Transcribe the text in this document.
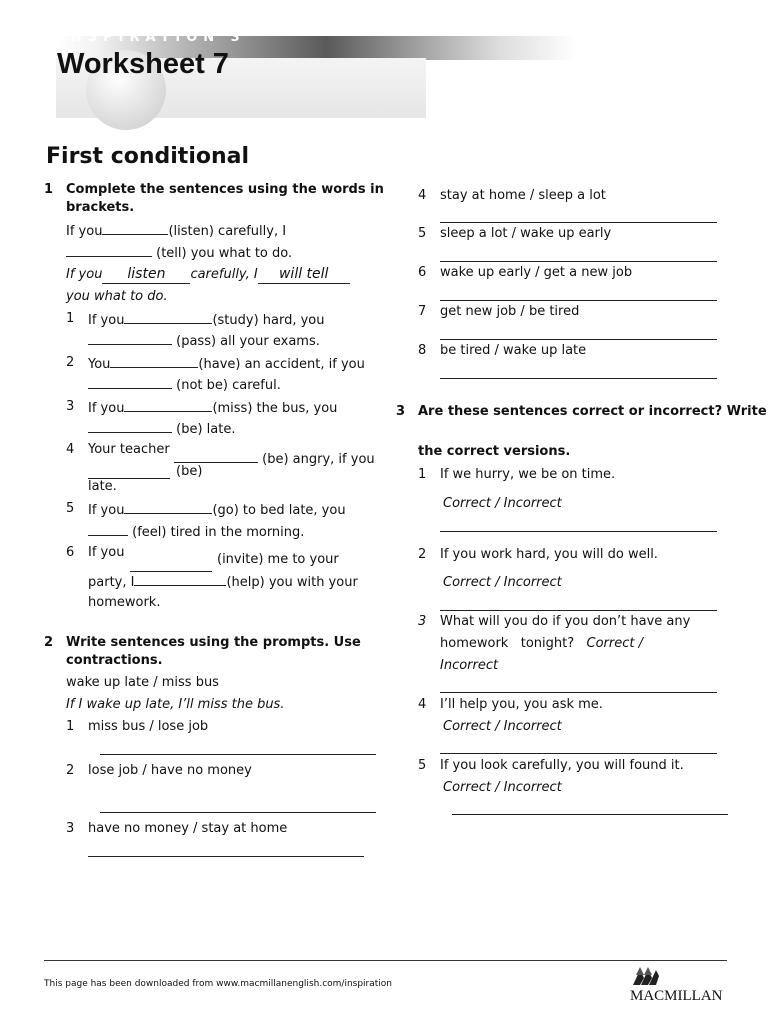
INSPIRATION 3
Worksheet 7
First conditional
1 Complete the sentences using the words in
brackets.
If you	(listen) carefully, I
(tell) you what to do.
If you listen carefully, I will tell
you what to do.
1 If you	(study) hard, you
(pass) all your exams.
2 You	(have) an accident, if you
(not be) careful.
3 If you	(miss) the bus, you
(be) late.
4 Your teacher
(be) angry, if you
(be)
late.
5 If you	(go) to bed late, you
(feel) tired in the morning.
6 If you	(invite) me to your
party, I	(help) you with your
homework.
2 Write sentences using the prompts. Use
contractions.
wake up late / miss bus
If I wake up late, I’ll miss the bus.
1 miss bus / lose job
2 lose job / have no money
3 have no money / stay at home
4 stay at home / sleep a lot
5 sleep a lot / wake up early
6 wake up early / get a new job
7 get new job / be tired
8 be tired / wake up late
3 Are these sentences correct or incorrect? Write
the correct versions.
1 If we hurry, we be on time.
Correct / Incorrect
2 If you work hard, you will do well.
Correct / Incorrect
3 What will you do if you don’t have any
homework tonight? Correct /
Incorrect
4 I’ll help you, you ask me.
Correct / Incorrect
5 If you look carefully, you will found it.
Correct / Incorrect
This page has been downloaded from www.macmillanenglish.com/inspiration
MACMILLAN
